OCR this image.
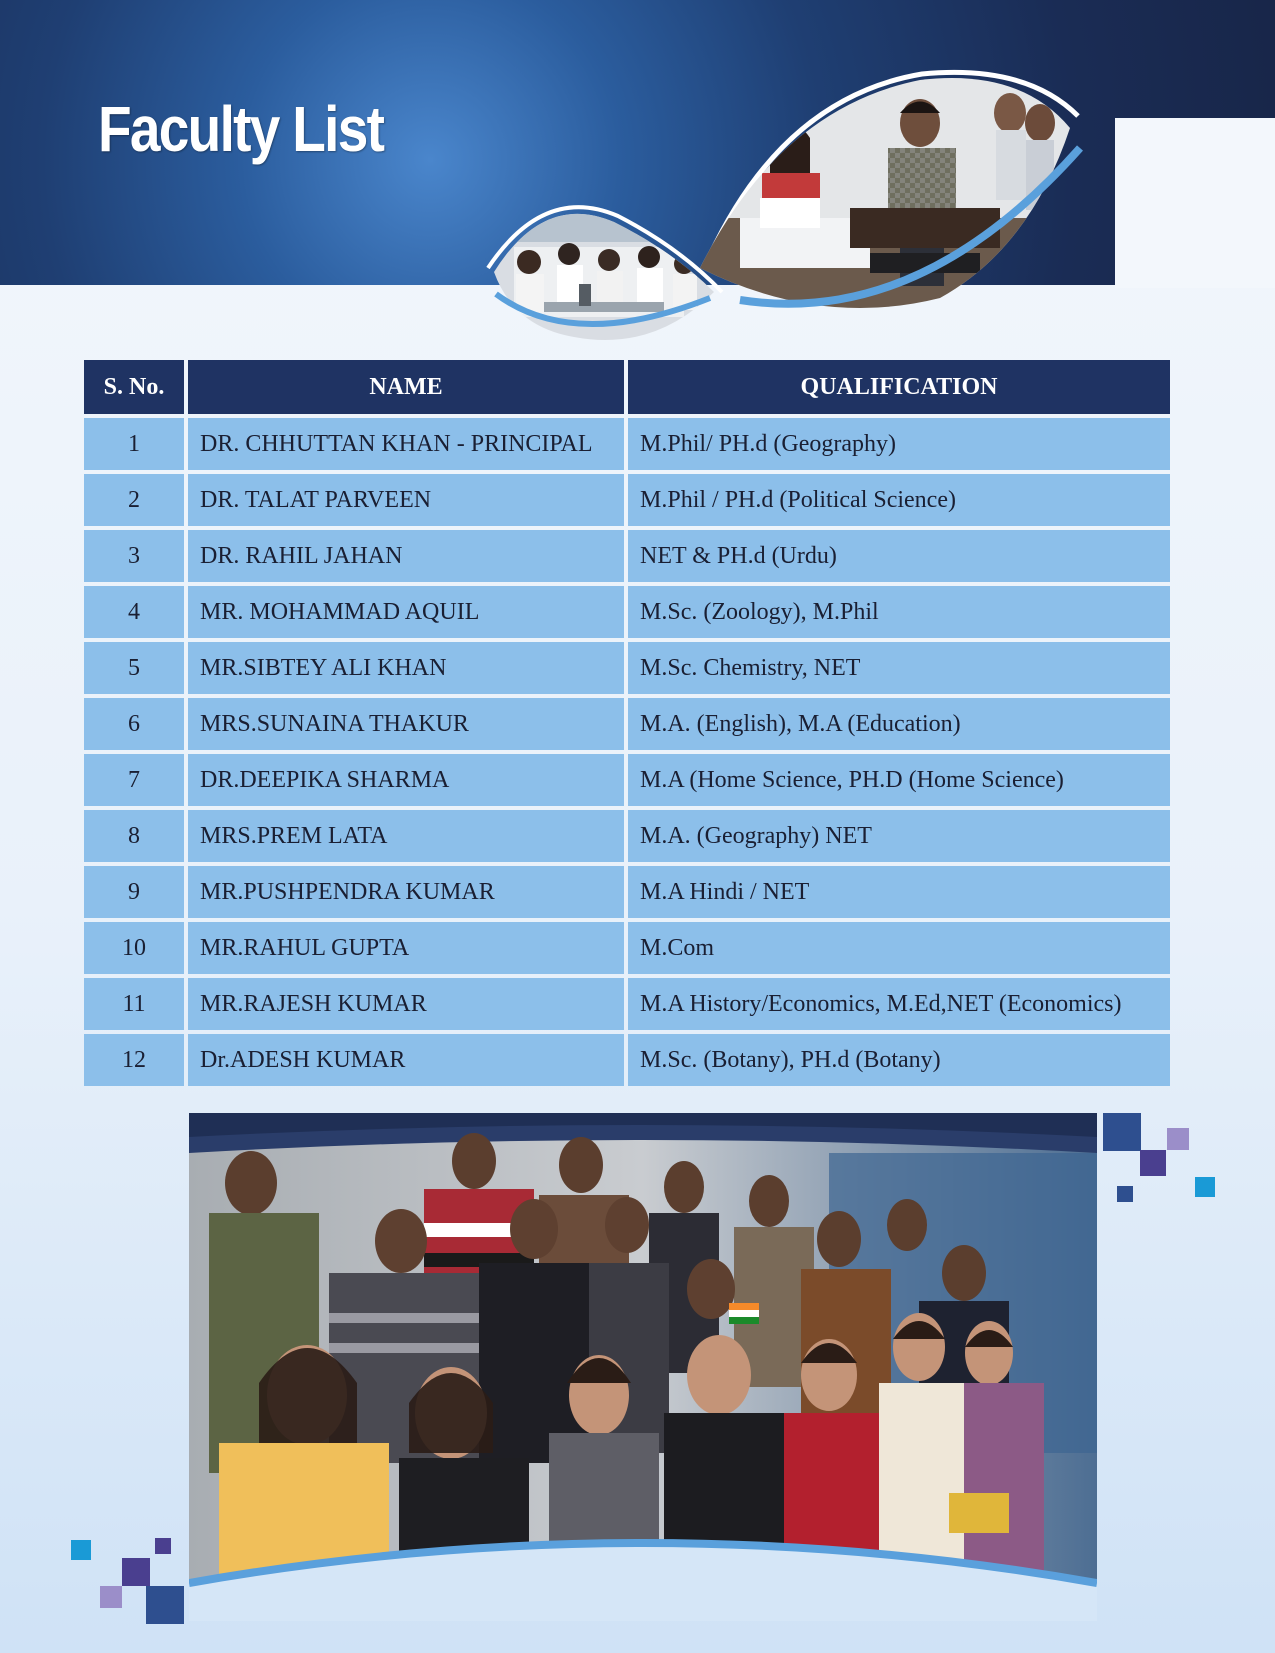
Faculty List
S. No.	NAME	QUALIFICATION
1	DR. CHHUTTAN KHAN - PRINCIPAL	M.Phil/ PH.d (Geography)
2	DR. TALAT PARVEEN	M.Phil / PH.d (Political Science)
3	DR. RAHIL JAHAN	NET & PH.d (Urdu)
4	MR. MOHAMMAD AQUIL	M.Sc. (Zoology), M.Phil
5	MR.SIBTEY ALI KHAN	M.Sc. Chemistry, NET
6	MRS.SUNAINA THAKUR	M.A. (English), M.A (Education)
7	DR.DEEPIKA SHARMA	M.A (Home Science, PH.D (Home Science)
8	MRS.PREM LATA	M.A. (Geography) NET
9	MR.PUSHPENDRA KUMAR	M.A Hindi / NET
10	MR.RAHUL GUPTA	M.Com
11	MR.RAJESH KUMAR	M.A History/Economics, M.Ed,NET (Economics)
12	Dr.ADESH KUMAR	M.Sc. (Botany), PH.d (Botany)
